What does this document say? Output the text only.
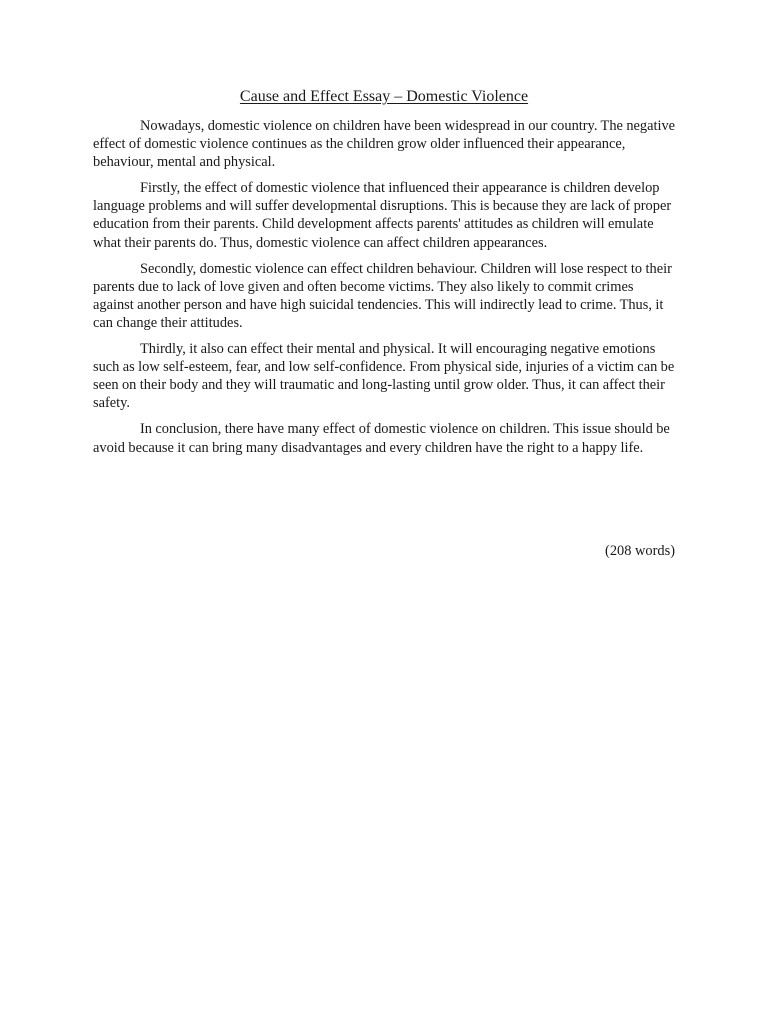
Cause and Effect Essay – Domestic Violence

Nowadays, domestic violence on children have been widespread in our country. The negative effect of domestic violence continues as the children grow older influenced their appearance, behaviour, mental and physical.

Firstly, the effect of domestic violence that influenced their appearance is children develop language problems and will suffer developmental disruptions. This is because they are lack of proper education from their parents. Child development affects parents' attitudes as children will emulate what their parents do. Thus, domestic violence can affect children appearances.

Secondly, domestic violence can effect children behaviour. Children will lose respect to their parents due to lack of love given and often become victims. They also likely to commit crimes against another person and have high suicidal tendencies. This will indirectly lead to crime. Thus, it can change their attitudes.

Thirdly, it also can effect their mental and physical. It will encouraging negative emotions such as low self-esteem, fear, and low self-confidence. From physical side, injuries of a victim can be seen on their body and they will traumatic and long-lasting until grow older. Thus, it can affect their safety.

In conclusion, there have many effect of domestic violence on children. This issue should be avoid because it can bring many disadvantages and every children have the right to a happy life.

(208 words)
